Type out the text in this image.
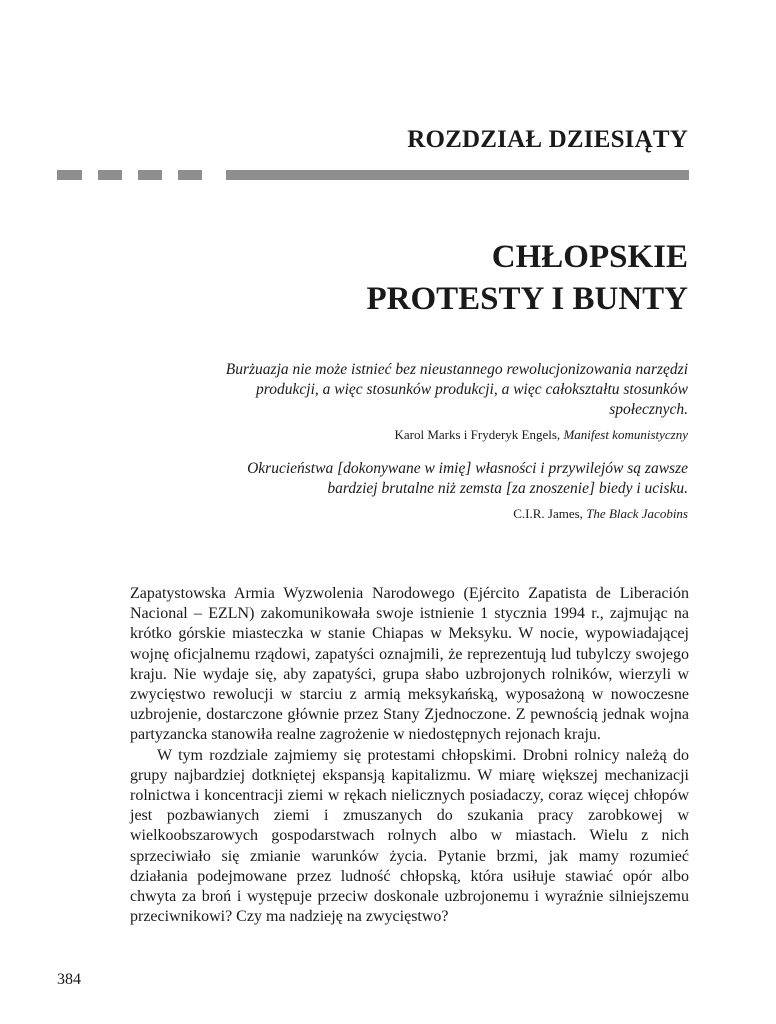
ROZDZIAŁ DZIESIĄTY
CHŁOPSKIE
PROTESTY I BUNTY

Burżuazja nie może istnieć bez nieustannego rewolucjonizowania narzędzi produkcji, a więc stosunków produkcji, a więc całokształtu stosunków społecznych.

Karol Marks i Fryderyk Engels, Manifest komunistyczny

Okrucieństwa [dokonywane w imię] własności i przywilejów są zawsze bardziej brutalne niż zemsta [za znoszenie] biedy i ucisku.

C.I.R. James, The Black Jacobins

Zapatystowska Armia Wyzwolenia Narodowego (Ejército Zapatista de Liberación Nacional – EZLN) zakomunikowała swoje istnienie 1 stycznia 1994 r., zajmując na krótko górskie miasteczka w stanie Chiapas w Meksyku. W nocie, wypowiadającej wojnę oficjalnemu rządowi, zapatyści oznajmili, że reprezentują lud tubylczy swojego kraju. Nie wydaje się, aby zapatyści, grupa słabo uzbrojonych rolników, wierzyli w zwycięstwo rewolucji w starciu z armią meksykańską, wyposażoną w nowoczesne uzbrojenie, dostarczone głównie przez Stany Zjednoczone. Z pewnością jednak wojna partyzancka stanowiła realne zagrożenie w niedostępnych rejonach kraju.

W tym rozdziale zajmiemy się protestami chłopskimi. Drobni rolnicy należą do grupy najbardziej dotkniętej ekspansją kapitalizmu. W miarę większej mechanizacji rolnictwa i koncentracji ziemi w rękach nielicznych posiadaczy, coraz więcej chłopów jest pozbawianych ziemi i zmuszanych do szukania pracy zarobkowej w wielkoobszarowych gospodarstwach rolnych albo w miastach. Wielu z nich sprzeciwiało się zmianie warunków życia. Pytanie brzmi, jak mamy rozumieć działania podejmowane przez ludność chłopską, która usiłuje stawiać opór albo chwyta za broń i występuje przeciw doskonale uzbrojonemu i wyraźnie silniejszemu przeciwnikowi? Czy ma nadzieję na zwycięstwo?

384
